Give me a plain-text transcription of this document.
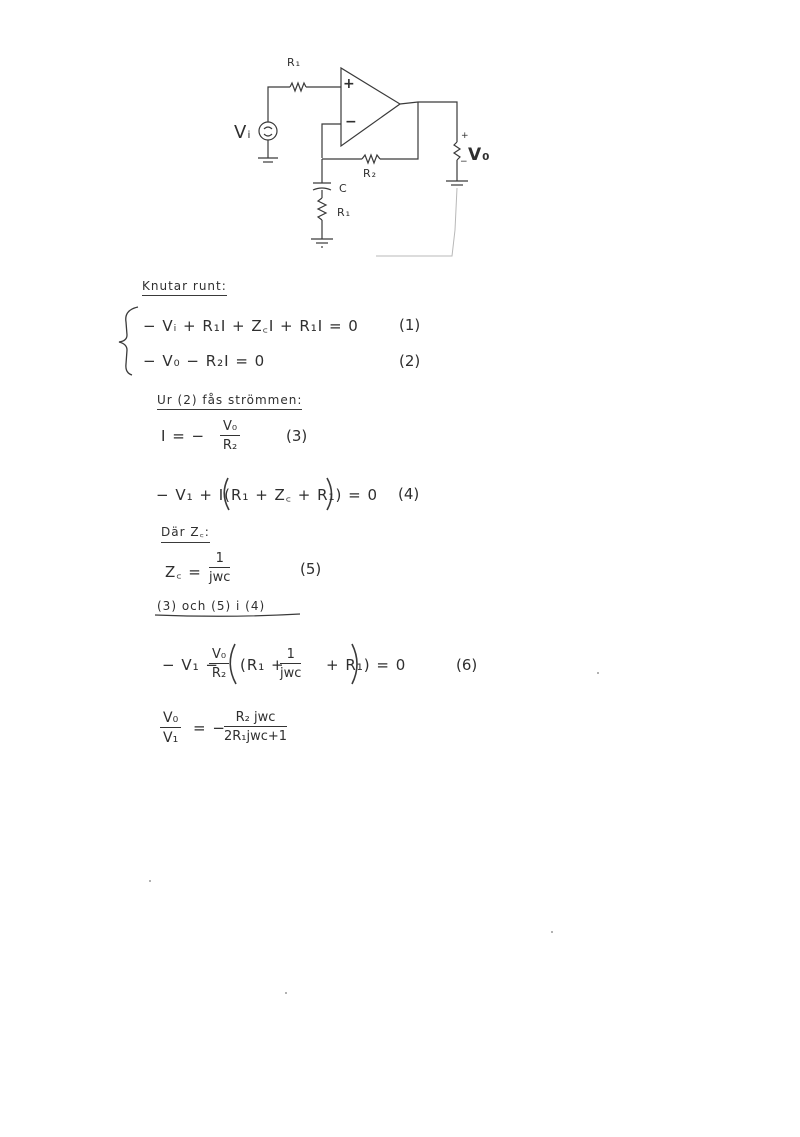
R₁
Vᵢ
+
−
+
V₀
−
R₂
C
R₁
Knutar runt:
− Vᵢ + R₁I + Z꜀I + R₁I = 0	(1)
− V₀ − R₂I = 0	(2)
Ur (2) fås strömmen:
I = − $\frac{\text{V₀}}{\text{R₂}}$	(3)
− V₁ + I(R₁ + Z꜀ + R₁) = 0 (4)
Där Z꜀:
Z꜀ =
1
jwc	(5)
(3) och (5) i (4)
− V₁ −
$\frac{\text{V₀}}{\text{R₂}} (R_1$ +
1
jwc + R₁) = 0	(6)
$\frac{\text{V₀}}{\text{V₁}}$ = −
R₂ jwc
2R₁jwc+1
